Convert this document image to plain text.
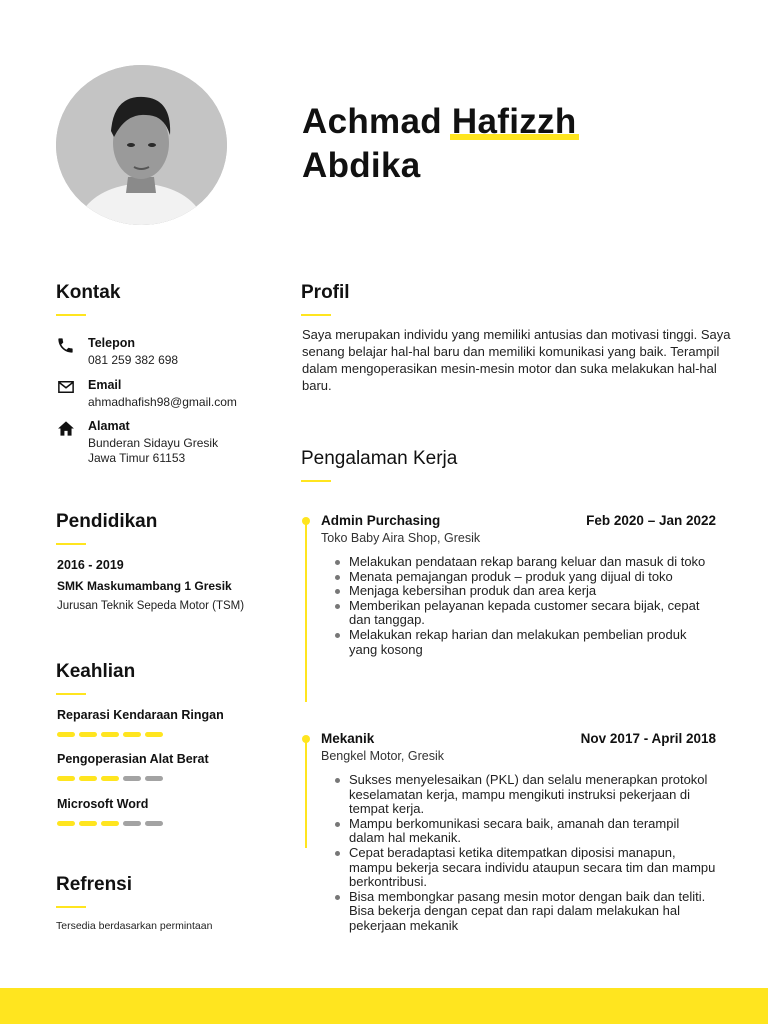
Achmad Hafizzh
Abdika
Kontak
Telepon
081 259 382 698
Email
ahmadhafish98@gmail.com
Alamat
Bunderan Sidayu Gresik
Jawa Timur 61153
Pendidikan
2016 - 2019
SMK Maskumambang 1 Gresik
Jurusan Teknik Sepeda Motor (TSM)
Keahlian
Reparasi Kendaraan Ringan
Pengoperasian Alat Berat
Microsoft Word
Refrensi
Tersedia berdasarkan permintaan
Profil
Saya merupakan individu yang memiliki antusias dan motivasi tinggi. Saya senang belajar hal-hal baru dan memiliki komunikasi yang baik. Terampil dalam mengoperasikan mesin-mesin motor dan suka melakukan hal-hal baru.
Pengalaman Kerja
Admin Purchasing	Feb 2020 – Jan 2022
Toko Baby Aira Shop, Gresik
Melakukan pendataan rekap barang keluar dan masuk di toko
Menata pemajangan produk – produk yang dijual di toko
Menjaga kebersihan produk dan area kerja
Memberikan pelayanan kepada customer secara bijak, cepat dan tanggap.
Melakukan rekap harian dan melakukan pembelian produk yang kosong
Mekanik	Nov 2017 - April 2018
Bengkel Motor, Gresik
Sukses menyelesaikan (PKL) dan selalu menerapkan protokol keselamatan kerja, mampu mengikuti instruksi pekerjaan di tempat kerja.
Mampu berkomunikasi secara baik, amanah dan terampil dalam hal mekanik.
Cepat beradaptasi ketika ditempatkan diposisi manapun, mampu bekerja secara individu ataupun secara tim dan mampu berkontribusi.
Bisa membongkar pasang mesin motor dengan baik dan teliti. Bisa bekerja dengan cepat dan rapi dalam melakukan hal pekerjaan mekanik
